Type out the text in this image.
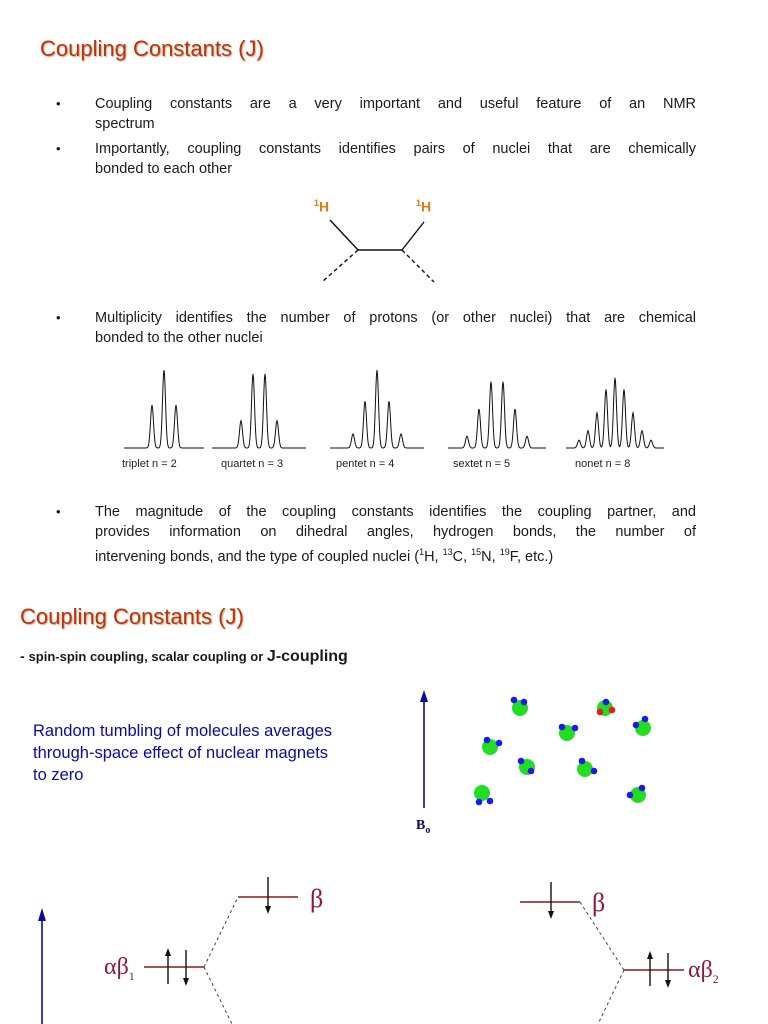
Coupling Constants (J)
• Coupling constants are a very important and useful feature of an NMR
spectrum
• Importantly, coupling constants identifies pairs of nuclei that are chemically
bonded to each other
$^1$H	$^1$H
• Multiplicity identifies the number of protons (or other nuclei) that are chemical
bonded to the other nuclei
triplet n = 2	quartet n = 3	pentet n = 4	sextet n = 5	nonet n = 8
• The magnitude of the coupling constants identifies the coupling partner, and
provides information on dihedral angles, hydrogen bonds, the number of
intervening bonds, and the type of coupled nuclei ($^1$H, $^{13}$C, $^{15}$N, $^{19}$F, etc.)
Coupling Constants (J)
- spin-spin coupling, scalar coupling or J-coupling
Random tumbling of molecules averages
through-space effect of nuclear magnets
to zero
$B_o$
β	β
$\alpha\beta_1$	$\alpha\beta_2$
